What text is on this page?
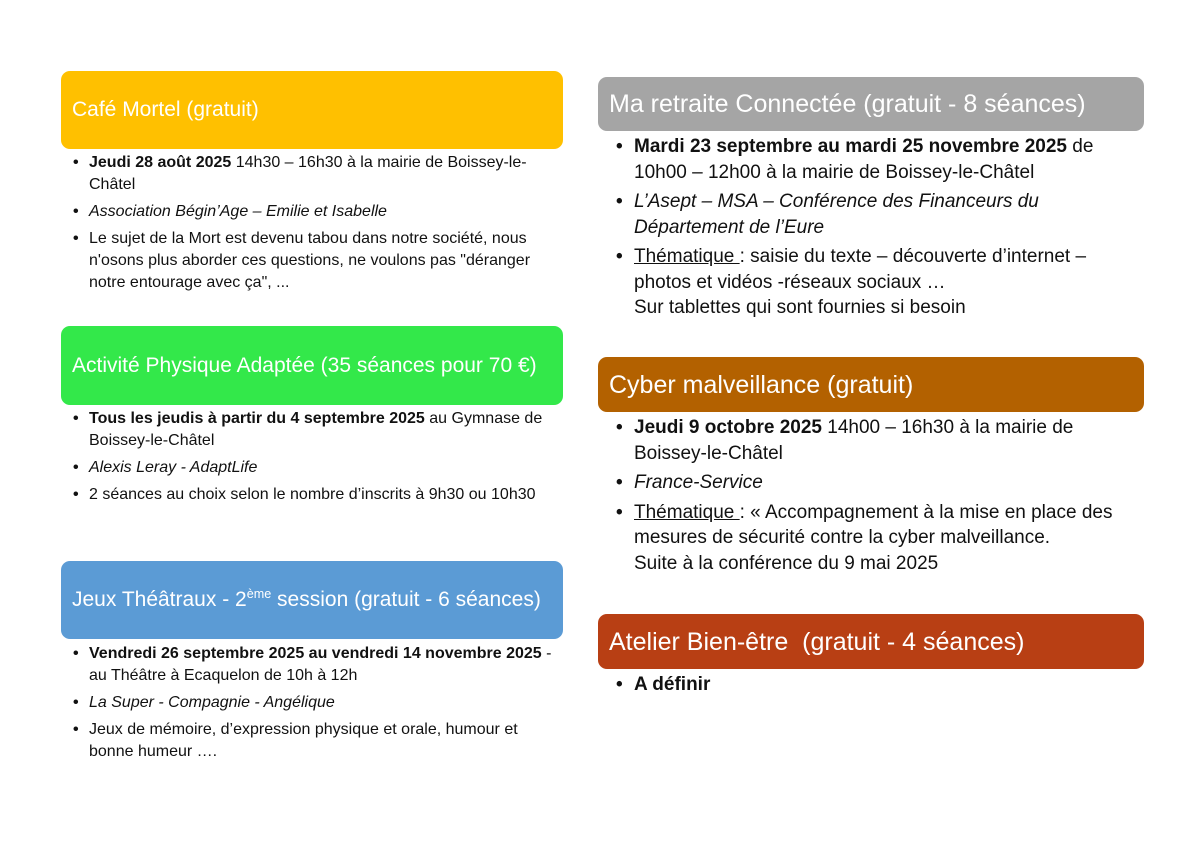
Café Mortel (gratuit)
• Jeudi 28 août 2025 14h30 – 16h30 à la mairie de Boissey-le-Châtel
• Association Bégin’Age – Emilie et Isabelle
• Le sujet de la Mort est devenu tabou dans notre société, nous n'osons plus aborder ces questions, ne voulons pas "déranger notre entourage avec ça", ...
Activité Physique Adaptée (35 séances pour 70 €)
• Tous les jeudis à partir du 4 septembre 2025 au Gymnase de Boissey-le-Châtel
• Alexis Leray - AdaptLife
• 2 séances au choix selon le nombre d’inscrits à 9h30 ou 10h30
Jeux Théâtraux - 2ème session (gratuit - 6 séances)
• Vendredi 26 septembre 2025 au vendredi 14 novembre 2025 - au Théâtre à Ecaquelon de 10h à 12h
• La Super - Compagnie - Angélique
• Jeux de mémoire, d’expression physique et orale, humour et bonne humeur ….
Ma retraite Connectée (gratuit - 8 séances)
• Mardi 23 septembre au mardi 25 novembre 2025 de 10h00 – 12h00 à la mairie de Boissey-le-Châtel
• L’Asept – MSA – Conférence des Financeurs du Département de l’Eure
• Thématique : saisie du texte – découverte d’internet – photos et vidéos -réseaux sociaux …
Sur tablettes qui sont fournies si besoin
Cyber malveillance (gratuit)
• Jeudi 9 octobre 2025 14h00 – 16h30 à la mairie de Boissey-le-Châtel
• France-Service
• Thématique : « Accompagnement à la mise en place des mesures de sécurité contre la cyber malveillance.
Suite à la conférence du 9 mai 2025
Atelier Bien-être  (gratuit - 4 séances)
• A définir
